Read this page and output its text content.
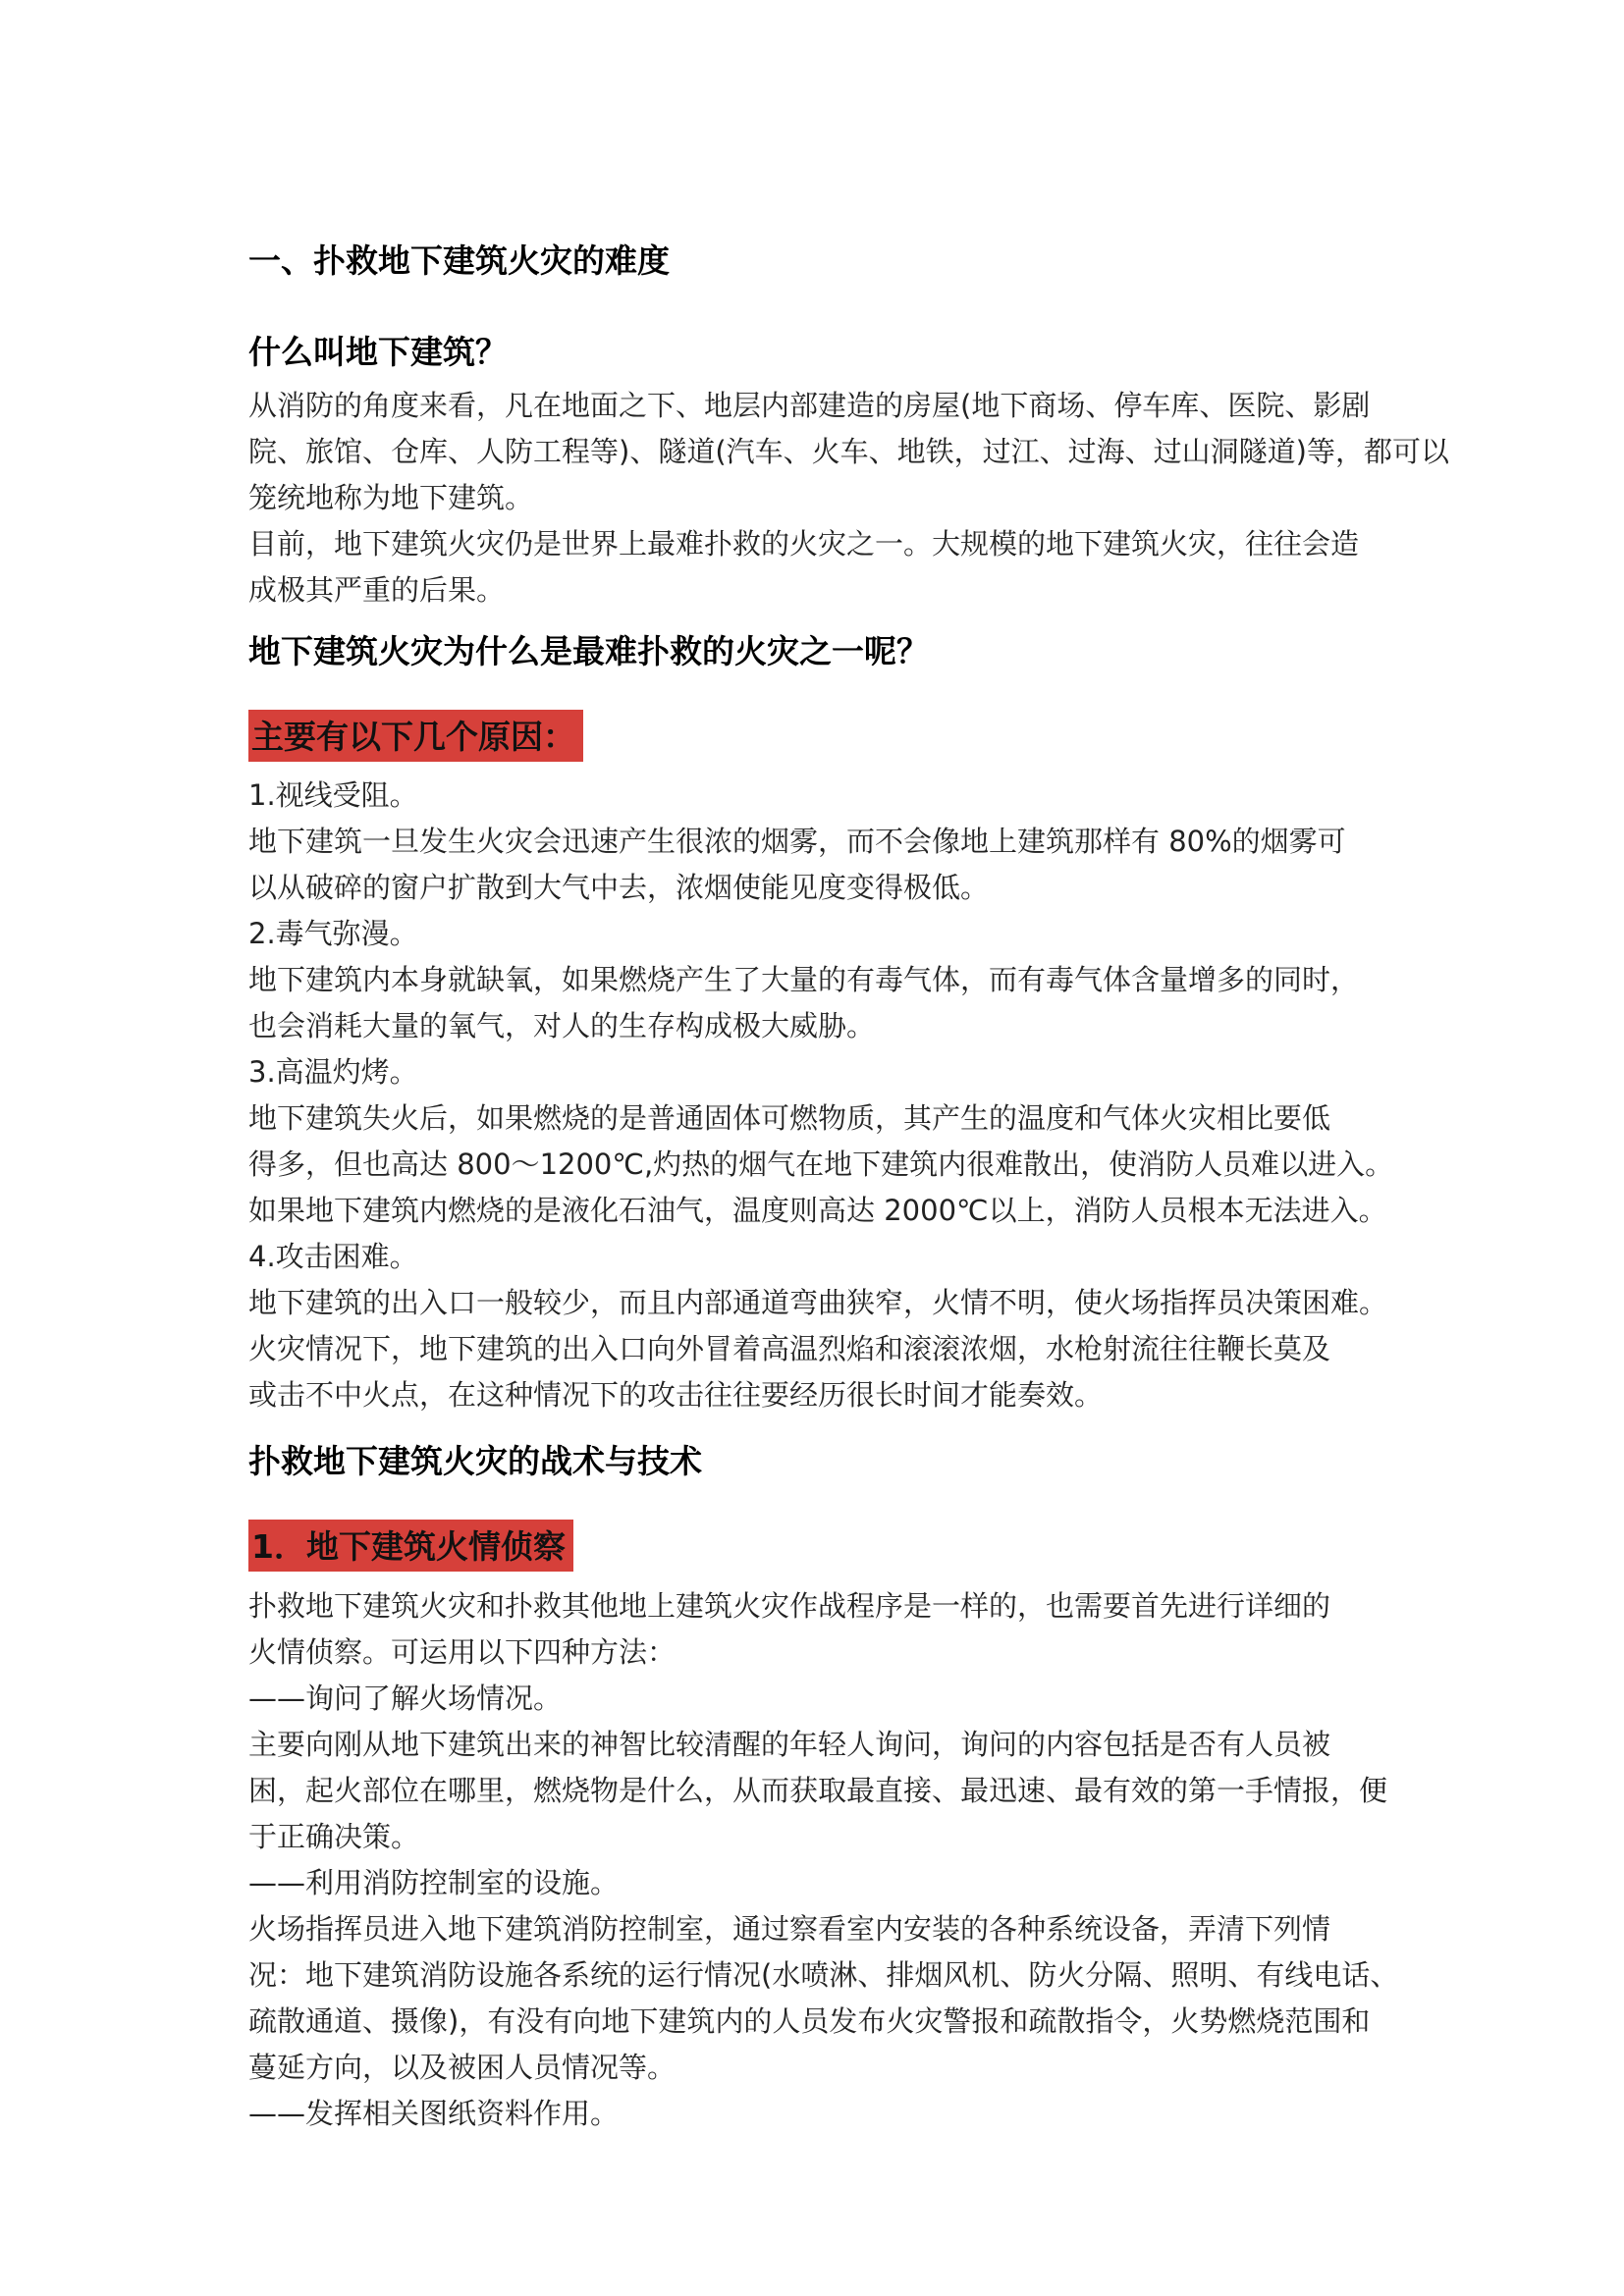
一、扑救地下建筑火灾的难度
什么叫地下建筑？
从消防的角度来看，凡在地面之下、地层内部建造的房屋(地下商场、停车库、医院、影剧
院、旅馆、仓库、人防工程等)、隧道(汽车、火车、地铁，过江、过海、过山洞隧道)等，都可以
笼统地称为地下建筑。
目前，地下建筑火灾仍是世界上最难扑救的火灾之一。大规模的地下建筑火灾，往往会造
成极其严重的后果。
地下建筑火灾为什么是最难扑救的火灾之一呢？
主要有以下几个原因：
1.视线受阻。
地下建筑一旦发生火灾会迅速产生很浓的烟雾，而不会像地上建筑那样有 80%的烟雾可
以从破碎的窗户扩散到大气中去，浓烟使能见度变得极低。
2.毒气弥漫。
地下建筑内本身就缺氧，如果燃烧产生了大量的有毒气体，而有毒气体含量增多的同时，
也会消耗大量的氧气，对人的生存构成极大威胁。
3.高温灼烤。
地下建筑失火后，如果燃烧的是普通固体可燃物质，其产生的温度和气体火灾相比要低
得多，但也高达 800～1200℃,灼热的烟气在地下建筑内很难散出，使消防人员难以进入。
如果地下建筑内燃烧的是液化石油气，温度则高达 2000℃以上，消防人员根本无法进入。
4.攻击困难。
地下建筑的出入口一般较少，而且内部通道弯曲狭窄，火情不明，使火场指挥员决策困难。
火灾情况下，地下建筑的出入口向外冒着高温烈焰和滚滚浓烟，水枪射流往往鞭长莫及
或击不中火点，在这种情况下的攻击往往要经历很长时间才能奏效。
扑救地下建筑火灾的战术与技术
1．地下建筑火情侦察
扑救地下建筑火灾和扑救其他地上建筑火灾作战程序是一样的，也需要首先进行详细的
火情侦察。可运用以下四种方法：
——询问了解火场情况。
主要向刚从地下建筑出来的神智比较清醒的年轻人询问，询问的内容包括是否有人员被
困，起火部位在哪里，燃烧物是什么，从而获取最直接、最迅速、最有效的第一手情报，便
于正确决策。
——利用消防控制室的设施。
火场指挥员进入地下建筑消防控制室，通过察看室内安装的各种系统设备，弄清下列情
况：地下建筑消防设施各系统的运行情况(水喷淋、排烟风机、防火分隔、照明、有线电话、
疏散通道、摄像)，有没有向地下建筑内的人员发布火灾警报和疏散指令，火势燃烧范围和
蔓延方向，以及被困人员情况等。
——发挥相关图纸资料作用。
